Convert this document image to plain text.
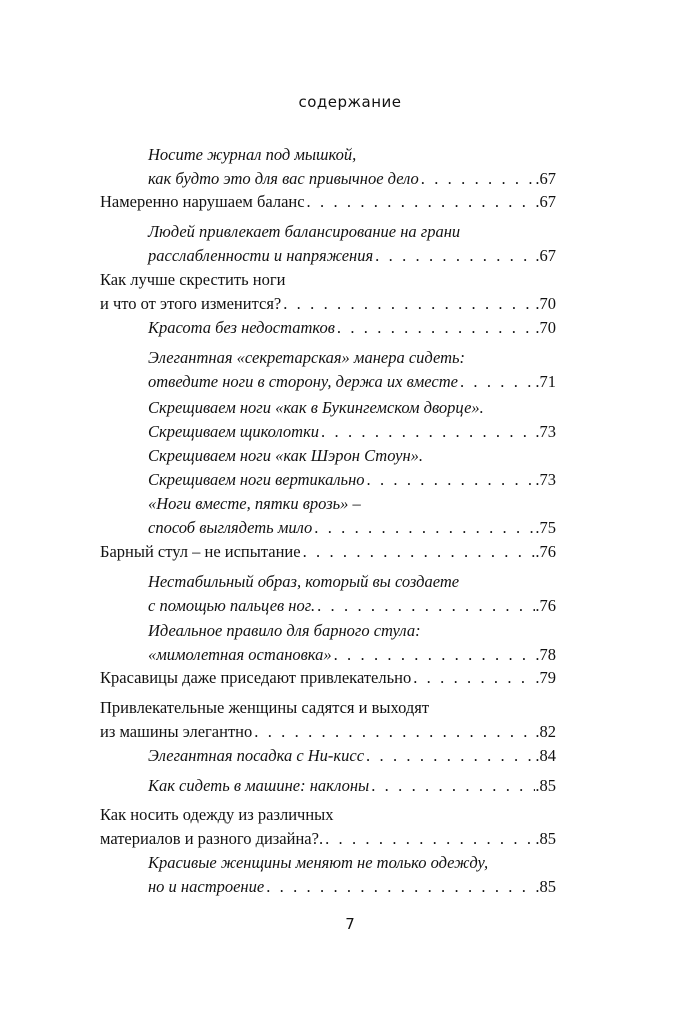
содержание
Носите журнал под мышкой,
как будто это для вас привычное дело . . .	.67
Намеренно нарушаем баланс . . .	.67
Людей привлекает балансирование на грани
расслабленности и напряжения . . .	.67
Как лучше скрестить ноги
и что от этого изменится? . . .	.70
Красота без недостатков . . .	.70
Элегантная «секретарская» манера сидеть:
отведите ноги в сторону, держа их вместе . . .	.71
Скрещиваем ноги «как в Букингемском дворце».
Скрещиваем щиколотки . . .	.73
Скрещиваем ноги «как Шэрон Стоун».
Скрещиваем ноги вертикально . . .	.73
«Ноги вместе, пятки врозь» –
способ выглядеть мило . . .	.75
Барный стул – не испытание . . .	.76
Нестабильный образ, который вы создаете
с помощью пальцев ног. . . .	.76
Идеальное правило для барного стула:
«мимолетная остановка» . . .	.78
Красавицы даже приседают привлекательно . . .	.79
Привлекательные женщины садятся и выходят
из машины элегантно . . .	.82
Элегантная посадка с Ни-кисс . . .	.84
Как сидеть в машине: наклоны . . .	.85
Как носить одежду из различных
материалов и разного дизайна?. . . .	.85
Красивые женщины меняют не только одежду,
но и настроение . . .	.85
7
